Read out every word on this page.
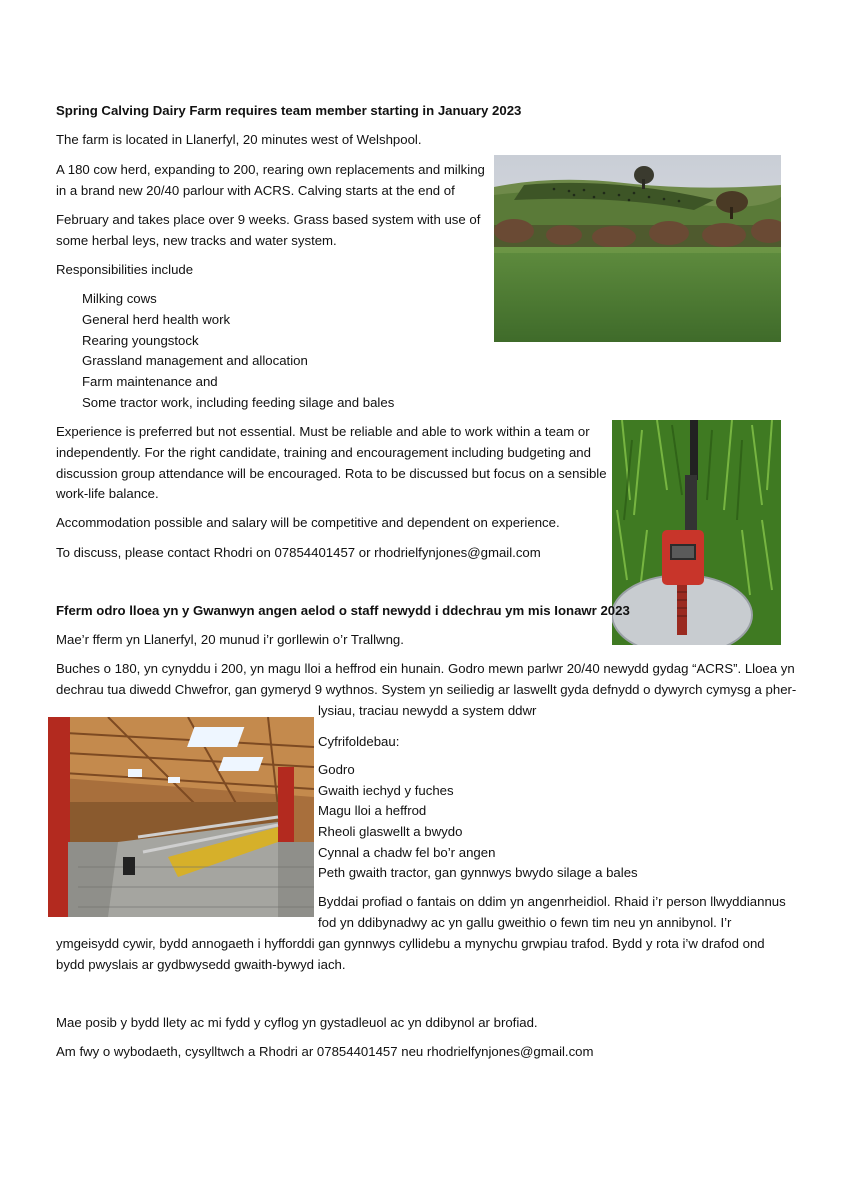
Spring Calving Dairy Farm requires team member starting in January 2023

The farm is located in Llanerfyl, 20 minutes west of Welshpool.

A 180 cow herd, expanding to 200, rearing own replacements and milking

in a brand new 20/40 parlour with ACRS. Calving starts at the end of

February and takes place over 9 weeks. Grass based system with use of

some herbal leys, new tracks and water system.

Responsibilities include

Milking cows

General herd health work

Rearing youngstock

Grassland management and allocation

Farm maintenance and

Some tractor work, including feeding silage and bales

Experience is preferred but not essential. Must be reliable and able to work within a team or

independently. For the right candidate, training and encouragement including budgeting and

discussion group attendance will be encouraged. Rota to be discussed but focus on a sensible

work-life balance.

Accommodation possible and salary will be competitive and dependent on experience.

To discuss, please contact Rhodri on 07854401457 or rhodrielfynjones@gmail.com

Fferm odro lloea yn y Gwanwyn angen aelod o staff newydd i ddechrau ym mis Ionawr 2023

Mae’r fferm yn Llanerfyl, 20 munud i’r gorllewin o’r Trallwng.

Buches o 180, yn cynyddu i 200, yn magu lloi a heffrod ein hunain. Godro mewn parlwr 20/40 newydd gydag “ACRS”. Lloea yn

dechrau tua diwedd Chwefror, gan gymeryd 9 wythnos. System yn seiliedig ar laswellt gyda defnydd o dywyrch cymysg a pher-

lysiau, traciau newydd a system ddwr

Cyfrifoldebau:

Godro

Gwaith iechyd y fuches

Magu lloi a heffrod

Rheoli glaswellt a bwydo

Cynnal a chadw fel bo’r angen

Peth gwaith tractor, gan gynnwys bwydo silage a bales

Byddai profiad o fantais on ddim yn angenrheidiol. Rhaid i’r person llwyddiannus

fod yn ddibynadwy ac yn gallu gweithio o fewn tim neu yn annibynol. I’r

ymgeisydd cywir, bydd annogaeth i hyfforddi gan gynnwys cyllidebu a mynychu grwpiau trafod. Bydd y rota i’w drafod ond

bydd pwyslais ar gydbwysedd gwaith-bywyd iach.

Mae posib y bydd llety ac mi fydd y cyflog yn gystadleuol ac yn ddibynol ar brofiad.

Am fwy o wybodaeth, cysylltwch a Rhodri ar 07854401457 neu rhodrielfynjones@gmail.com
